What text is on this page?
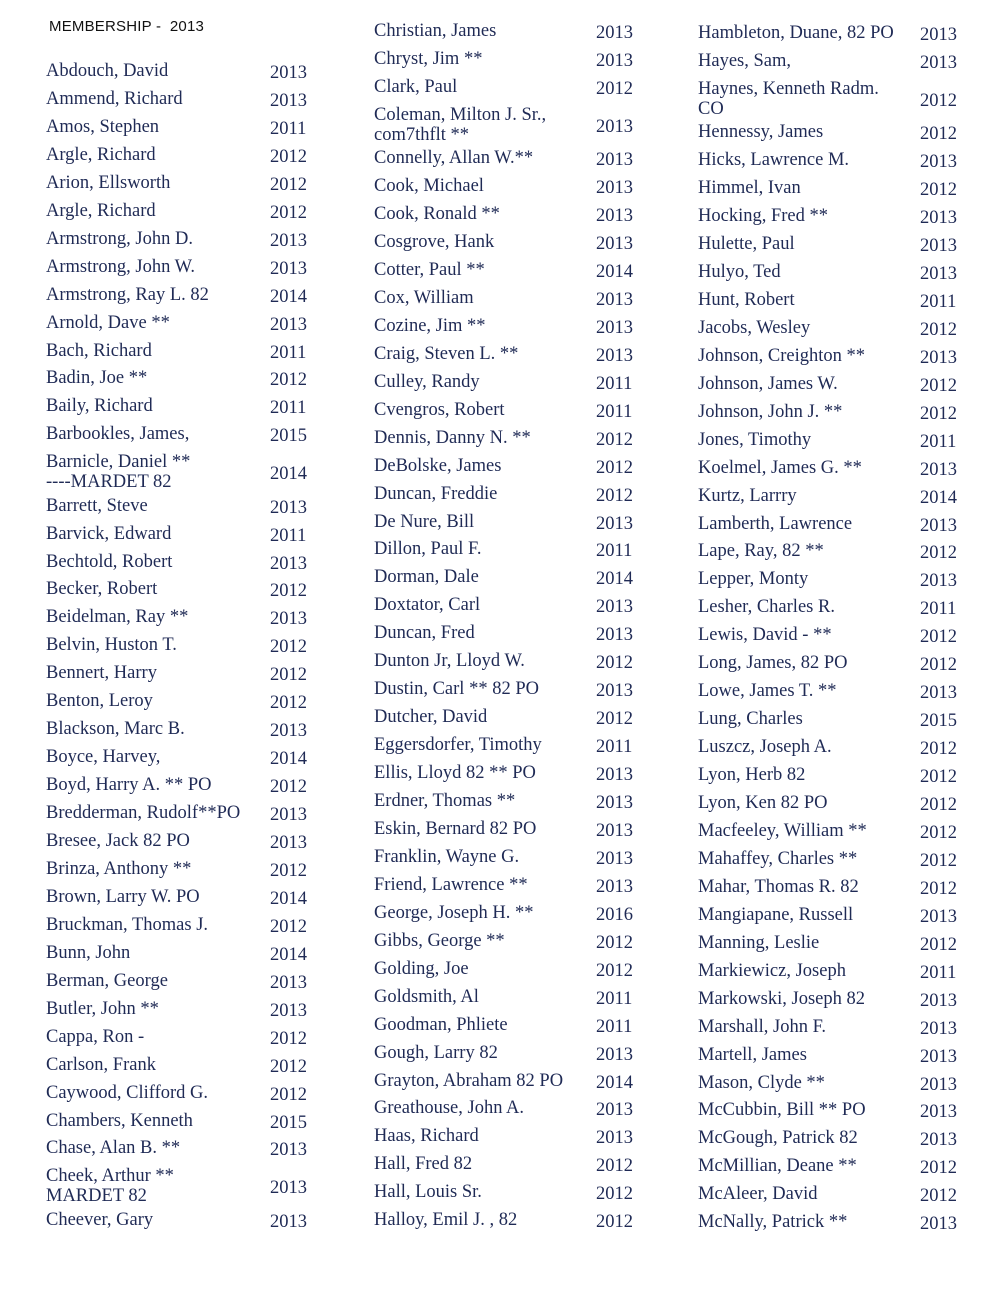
MEMBERSHIP -  2013
Abdouch, David	2013
Ammend, Richard	2013
Amos, Stephen	2011
Argle, Richard	2012
Arion, Ellsworth	2012
Argle, Richard	2012
Armstrong, John D.	2013
Armstrong, John W.	2013
Armstrong, Ray L. 82	2014
Arnold, Dave **	2013
Bach, Richard	2011
Badin, Joe **	2012
Baily, Richard	2011
Barbookles, James,	2015
Barnicle, Daniel **
----MARDET 82	2014
Barrett, Steve	2013
Barvick, Edward	2011
Bechtold, Robert	2013
Becker, Robert	2012
Beidelman, Ray **	2013
Belvin, Huston T.	2012
Bennert, Harry	2012
Benton, Leroy	2012
Blackson, Marc B.	2013
Boyce, Harvey,	2014
Boyd, Harry A. ** PO	2012
Bredderman, Rudolf**PO 2013
Bresee, Jack 82 PO	2013
Brinza, Anthony **	2012
Brown, Larry W. PO	2014
Bruckman, Thomas J.	2012
Bunn, John	2014
Berman, George	2013
Butler, John **	2013
Cappa, Ron -	2012
Carlson, Frank	2012
Caywood, Clifford G.	2012
Chambers, Kenneth	2015
Chase, Alan B. **	2013
Cheek, Arthur **
MARDET 82	2013
Cheever, Gary	2013
Christian, James	2013
Chryst, Jim **	2013
Clark, Paul	2012
Coleman, Milton J. Sr.,
com7thflt **	2013
Connelly, Allan W.**	2013
Cook, Michael	2013
Cook, Ronald **	2013
Cosgrove, Hank	2013
Cotter, Paul **	2014
Cox, William	2013
Cozine, Jim **	2013
Craig, Steven L. **	2013
Culley, Randy	2011
Cvengros, Robert	2011
Dennis, Danny N. **	2012
DeBolske, James	2012
Duncan, Freddie	2012
De Nure, Bill	2013
Dillon, Paul F.	2011
Dorman, Dale	2014
Doxtator, Carl	2013
Duncan, Fred	2013
Dunton Jr, Lloyd W.	2012
Dustin, Carl ** 82 PO	2013
Dutcher, David	2012
Eggersdorfer, Timothy	2011
Ellis, Lloyd 82 ** PO	2013
Erdner, Thomas **	2013
Eskin, Bernard 82 PO	2013
Franklin, Wayne G.	2013
Friend, Lawrence **	2013
George, Joseph H. **	2016
Gibbs, George **	2012
Golding, Joe	2012
Goldsmith, Al	2011
Goodman, Phliete	2011
Gough, Larry 82	2013
Grayton, Abraham 82 PO 2014
Greathouse, John A.	2013
Haas, Richard	2013
Hall, Fred 82	2012
Hall, Louis Sr.	2012
Halloy, Emil J. , 82	2012
Hambleton, Duane, 82 PO 2013
Hayes, Sam,	2013
Haynes, Kenneth Radm.
CO	2012
Hennessy, James	2012
Hicks, Lawrence M.	2013
Himmel, Ivan	2012
Hocking, Fred **	2013
Hulette, Paul	2013
Hulyo, Ted	2013
Hunt, Robert	2011
Jacobs, Wesley	2012
Johnson, Creighton **	2013
Johnson, James W.	2012
Johnson, John J. **	2012
Jones, Timothy	2011
Koelmel, James G. **	2013
Kurtz, Larrry	2014
Lamberth, Lawrence	2013
Lape, Ray, 82 **	2012
Lepper, Monty	2013
Lesher, Charles R.	2011
Lewis, David - **	2012
Long, James, 82 PO	2012
Lowe, James T. **	2013
Lung, Charles	2015
Luszcz, Joseph A.	2012
Lyon, Herb 82	2012
Lyon, Ken 82 PO	2012
Macfeeley, William **	2012
Mahaffey, Charles **	2012
Mahar, Thomas R. 82	2012
Mangiapane, Russell	2013
Manning, Leslie	2012
Markiewicz, Joseph	2011
Markowski, Joseph 82	2013
Marshall, John F.	2013
Martell, James	2013
Mason, Clyde **	2013
McCubbin, Bill ** PO	2013
McGough, Patrick 82	2013
McMillian, Deane **	2012
McAleer, David	2012
McNally, Patrick **	2013
